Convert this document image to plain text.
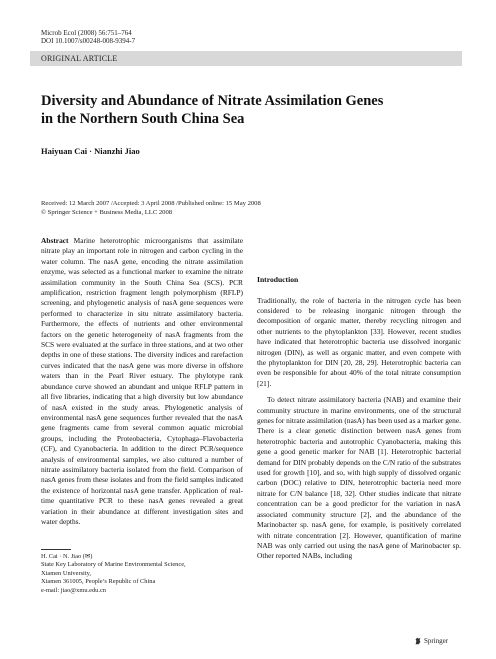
Microb Ecol (2008) 56:751–764
DOI 10.1007/s00248-008-9394-7
ORIGINAL ARTICLE
Diversity and Abundance of Nitrate Assimilation Genes
in the Northern South China Sea
Haiyuan Cai · Nianzhi Jiao
Received: 12 March 2007 /Accepted: 3 April 2008 /Published online: 15 May 2008
© Springer Science + Business Media, LLC 2008

Abstract Marine heterotrophic microorganisms that assimilate nitrate play an important role in nitrogen and carbon cycling in the water column. The nasA gene, encoding the nitrate assimilation enzyme, was selected as a functional marker to examine the nitrate assimilation community in the South China Sea (SCS). PCR amplification, restriction fragment length polymorphism (RFLP) screening, and phylogenetic analysis of nasA gene sequences were performed to characterize in situ nitrate assimilatory bacteria. Furthermore, the effects of nutrients and other environmental factors on the genetic heterogeneity of nasA fragments from the SCS were evaluated at the surface in three stations, and at two other depths in one of these stations. The diversity indices and rarefaction curves indicated that the nasA gene was more diverse in offshore waters than in the Pearl River estuary. The phylotype rank abundance curve showed an abundant and unique RFLP pattern in all five libraries, indicating that a high diversity but low abundance of nasA existed in the study areas. Phylogenetic analysis of environmental nasA gene sequences further revealed that the nasA gene fragments came from several common aquatic microbial groups, including the Proteobacteria, Cytophaga–Flavobacteria (CF), and Cyanobacteria. In addition to the direct PCR/sequence analysis of environmental samples, we also cultured a number of nitrate assimilatory bacteria isolated from the field. Comparison of nasA genes from these isolates and from the field samples indicated the existence of horizontal nasA gene transfer. Application of real-time quantitative PCR to these nasA genes revealed a great variation in their abundance at different investigation sites and water depths.

Introduction

Traditionally, the role of bacteria in the nitrogen cycle has been considered to be releasing inorganic nitrogen through the decomposition of organic matter, thereby recycling nitrogen and other nutrients to the phytoplankton [33]. However, recent studies have indicated that heterotrophic bacteria use dissolved inorganic nitrogen (DIN), as well as organic matter, and even compete with the phytoplankton for DIN [20, 28, 29]. Heterotrophic bacteria can even be responsible for about 40% of the total nitrate consumption [21].

To detect nitrate assimilatory bacteria (NAB) and examine their community structure in marine environments, one of the structural genes for nitrate assimilation (nasA) has been used as a marker gene. There is a clear genetic distinction between nasA genes from heterotrophic bacteria and autotrophic Cyanobacteria, making this gene a good genetic marker for NAB [1]. Heterotrophic bacterial demand for DIN probably depends on the C/N ratio of the substrates used for growth [10], and so, with high supply of dissolved organic carbon (DOC) relative to DIN, heterotrophic bacteria need more nitrate for C/N balance [18, 32]. Other studies indicate that nitrate concentration can be a good predictor for the variation in nasA associated community structure [2], and the abundance of the Marinobacter sp. nasA gene, for example, is positively correlated with nitrate concentration [2]. However, quantification of marine NAB was only carried out using the nasA gene of Marinobacter sp. Other reported NABs, including

H. Cai · N. Jiao (✉)
State Key Laboratory of Marine Environmental Science,
Xiamen University,
Xiamen 361005, People’s Republic of China
e-mail: jiao@xmu.edu.cn
Springer
